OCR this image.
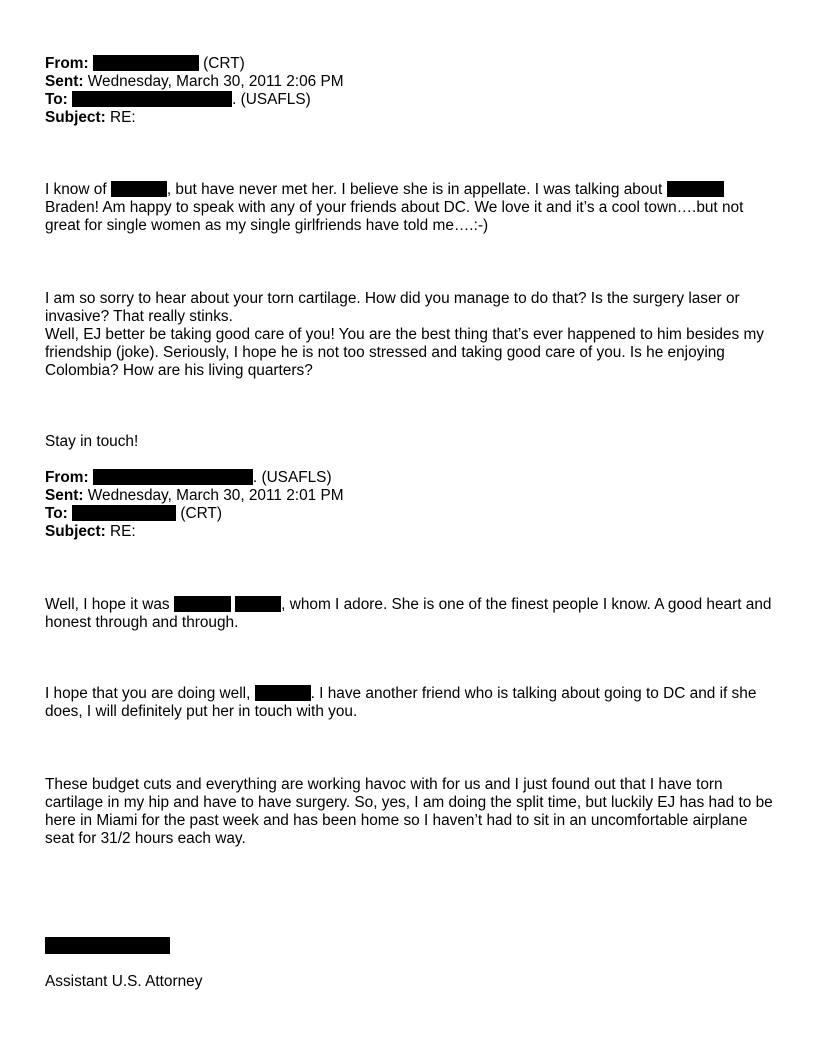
From:	(CRT)
Sent: Wednesday, March 30, 2011 2:06 PM
To:	. (USAFLS)
Subject: RE:
I know of	, but have never met her. I believe she is in appellate. I was talking about  Braden! Am happy to speak with any of your friends about DC. We love it and it’s a cool town….but not great for single women as my single girlfriends have told me….:-)
I am so sorry to hear about your torn cartilage. How did you manage to do that? Is the surgery laser or invasive? That really stinks.
Well, EJ better be taking good care of you! You are the best thing that’s ever happened to him besides my friendship (joke). Seriously, I hope he is not too stressed and taking good care of you. Is he enjoying Colombia? How are his living quarters?
Stay in touch!
From:	. (USAFLS)
Sent: Wednesday, March 30, 2011 2:01 PM
To:	(CRT)
Subject: RE:
Well, I hope it was	, whom I adore. She is one of the finest people I know. A good heart and honest through and through.
I hope that you are doing well,	. I have another friend who is talking about going to DC and if she does, I will definitely put her in touch with you.
These budget cuts and everything are working havoc with for us and I just found out that I have torn cartilage in my hip and have to have surgery. So, yes, I am doing the split time, but luckily EJ has had to be here in Miami for the past week and has been home so I haven’t had to sit in an uncomfortable airplane seat for 31/2 hours each way.
Assistant U.S. Attorney
